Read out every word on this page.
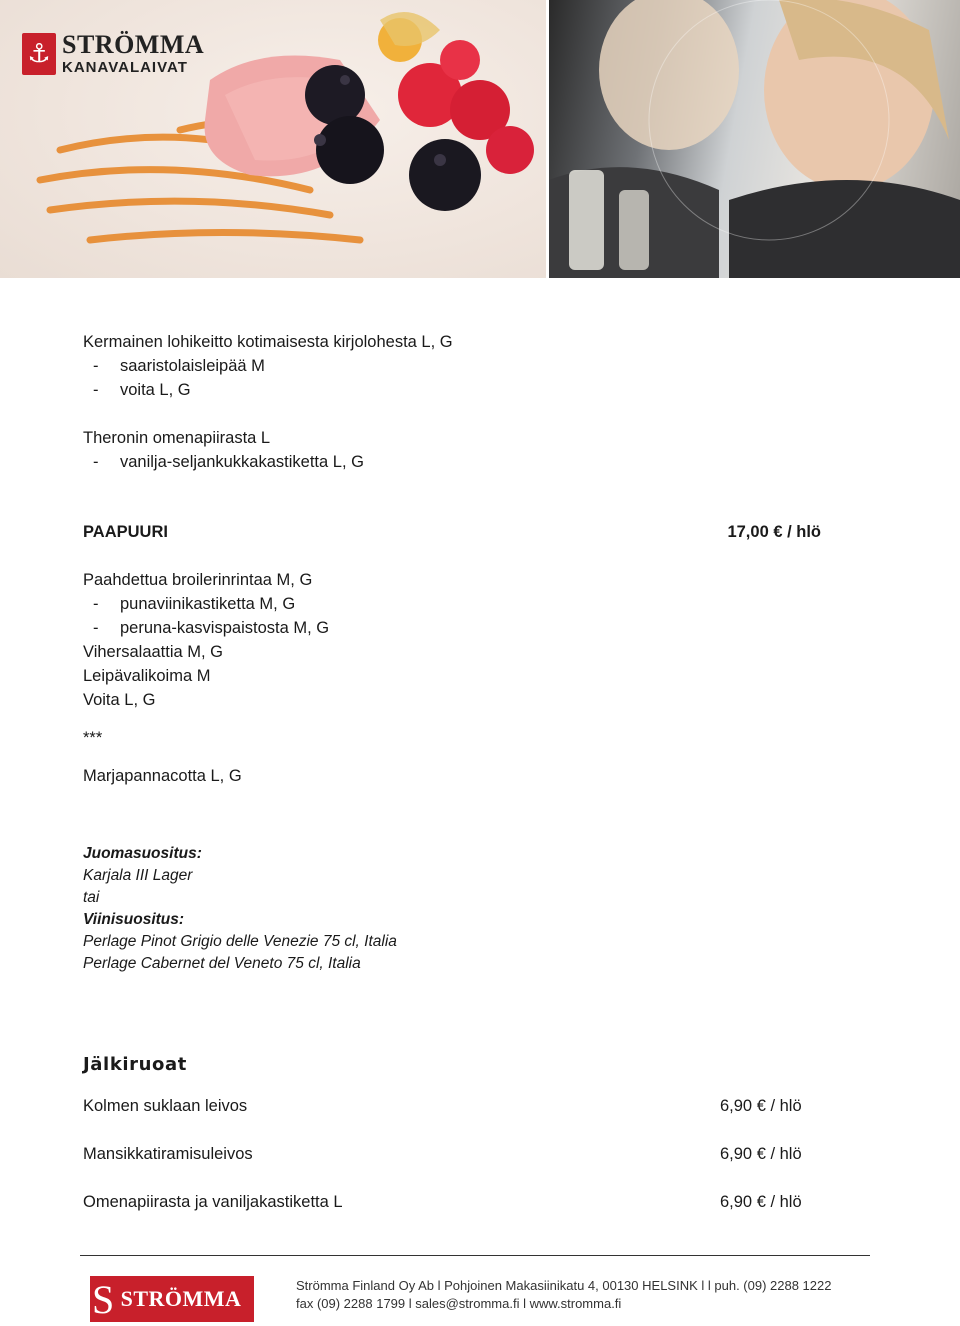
⚓ STRÖMMA
KANAVALAIVAT
Kermainen lohikeitto kotimaisesta kirjolohesta L, G
- saaristolaisleipää M
- voita L, G
Theronin omenapiirasta L
- vanilja-seljankukkakastiketta L, G
PAAPUURI	17,00 € / hlö
Paahdettua broilerinrintaa M, G
- punaviinikastiketta M, G
- peruna-kasvispaistosta M, G
Vihersalaattia M, G
Leipävalikoima M
Voita L, G
***
Marjapannacotta L, G
Juomasuositus:
Karjala III Lager
tai
Viinisuositus:
Perlage Pinot Grigio delle Venezie 75 cl, Italia
Perlage Cabernet del Veneto 75 cl, Italia
Jälkiruoat
Kolmen suklaan leivos	6,90 € / hlö
Mansikkatiramisuleivos	6,90 € / hlö
Omenapiirasta ja vaniljakastiketta L	6,90 € / hlö
S STRÖMMA
Strömma Finland Oy Ab l Pohjoinen Makasiinikatu 4, 00130 HELSINK l l puh. (09) 2288 1222
fax (09) 2288 1799 l sales@stromma.fi l www.stromma.fi
